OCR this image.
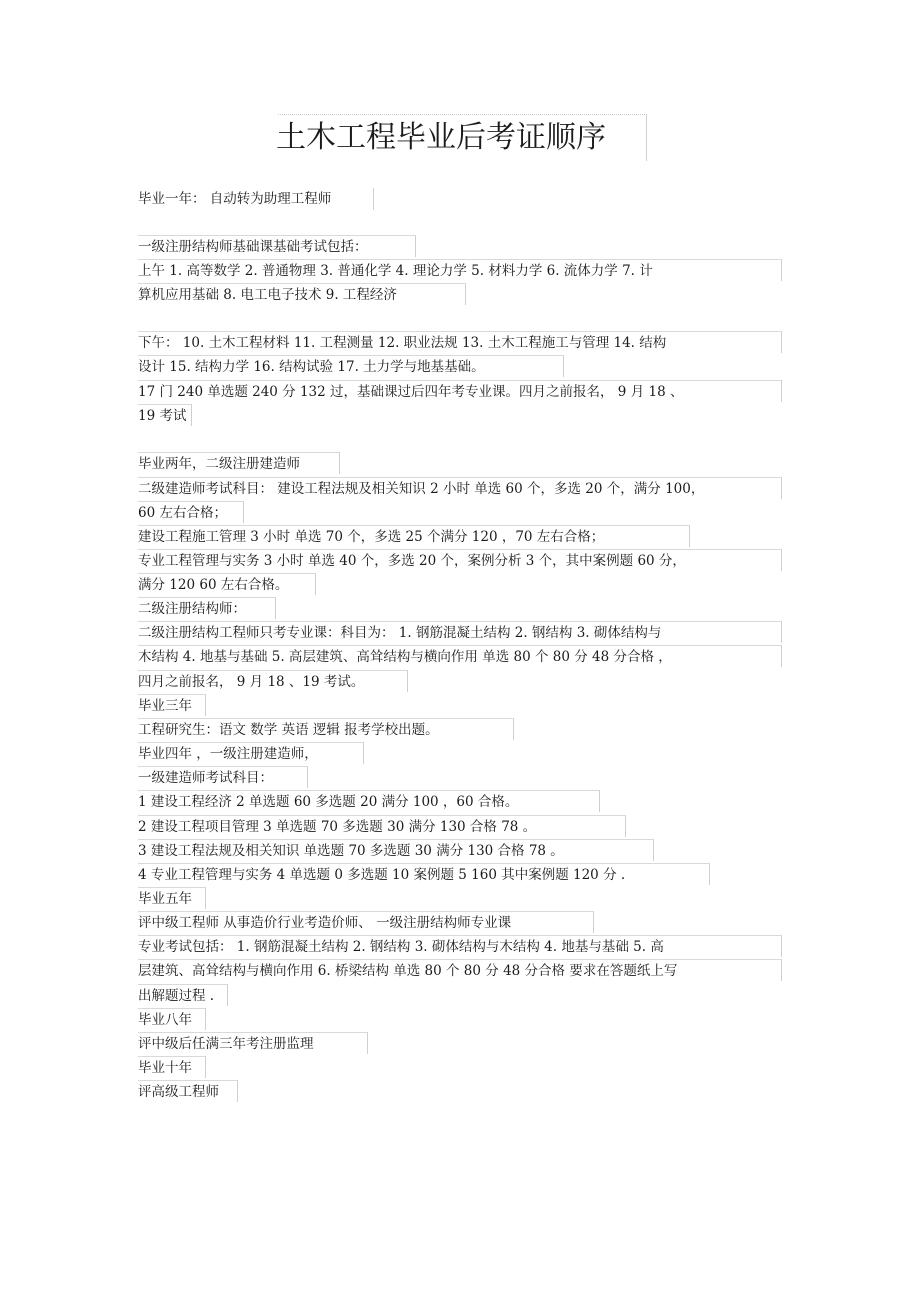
土木工程毕业后考证顺序
毕业一年： 自动转为助理工程师
一级注册结构师基础课基础考试包括：
上午 1. 高等数学 2. 普通物理 3. 普通化学 4. 理论力学 5. 材料力学 6. 流体力学 7. 计
算机应用基础 8. 电工电子技术 9. 工程经济
下午： 10. 土木工程材料 11. 工程测量 12. 职业法规 13. 土木工程施工与管理 14. 结构
设计 15. 结构力学 16. 结构试验 17. 土力学与地基基础。
17 门 240 单选题 240 分 132 过，基础课过后四年考专业课。四月之前报名， 9 月 18 、
19 考试
毕业两年，二级注册建造师
二级建造师考试科目： 建设工程法规及相关知识 2 小时 单选 60 个，多选 20 个，满分 100，
60 左右合格；
建设工程施工管理 3 小时 单选 70 个，多选 25 个满分 120 ，70 左右合格；
专业工程管理与实务 3 小时 单选 40 个，多选 20 个，案例分析 3 个，其中案例题 60 分，
满分 120 60 左右合格。
二级注册结构师：
二级注册结构工程师只考专业课：科目为： 1. 钢筋混凝土结构 2. 钢结构 3. 砌体结构与
木结构 4. 地基与基础 5. 高层建筑、高耸结构与横向作用 单选 80 个 80 分 48 分合格 ，
四月之前报名， 9 月 18 、19 考试。
毕业三年
工程研究生：语文 数学 英语 逻辑 报考学校出题。
毕业四年 ，一级注册建造师，
一级建造师考试科目：
1 建设工程经济 2 单选题 60 多选题 20 满分 100 ，60 合格。
2 建设工程项目管理 3 单选题 70 多选题 30 满分 130 合格 78 。
3 建设工程法规及相关知识 单选题 70 多选题 30 满分 130 合格 78 。
4 专业工程管理与实务 4 单选题 0 多选题 10 案例题 5 160 其中案例题 120 分 .
毕业五年
评中级工程师 从事造价行业考造价师、 一级注册结构师专业课
专业考试包括： 1. 钢筋混凝土结构 2. 钢结构 3. 砌体结构与木结构 4. 地基与基础 5. 高
层建筑、高耸结构与横向作用 6. 桥梁结构 单选 80 个 80 分 48 分合格 要求在答题纸上写
出解题过程 .
毕业八年
评中级后任满三年考注册监理
毕业十年
评高级工程师
